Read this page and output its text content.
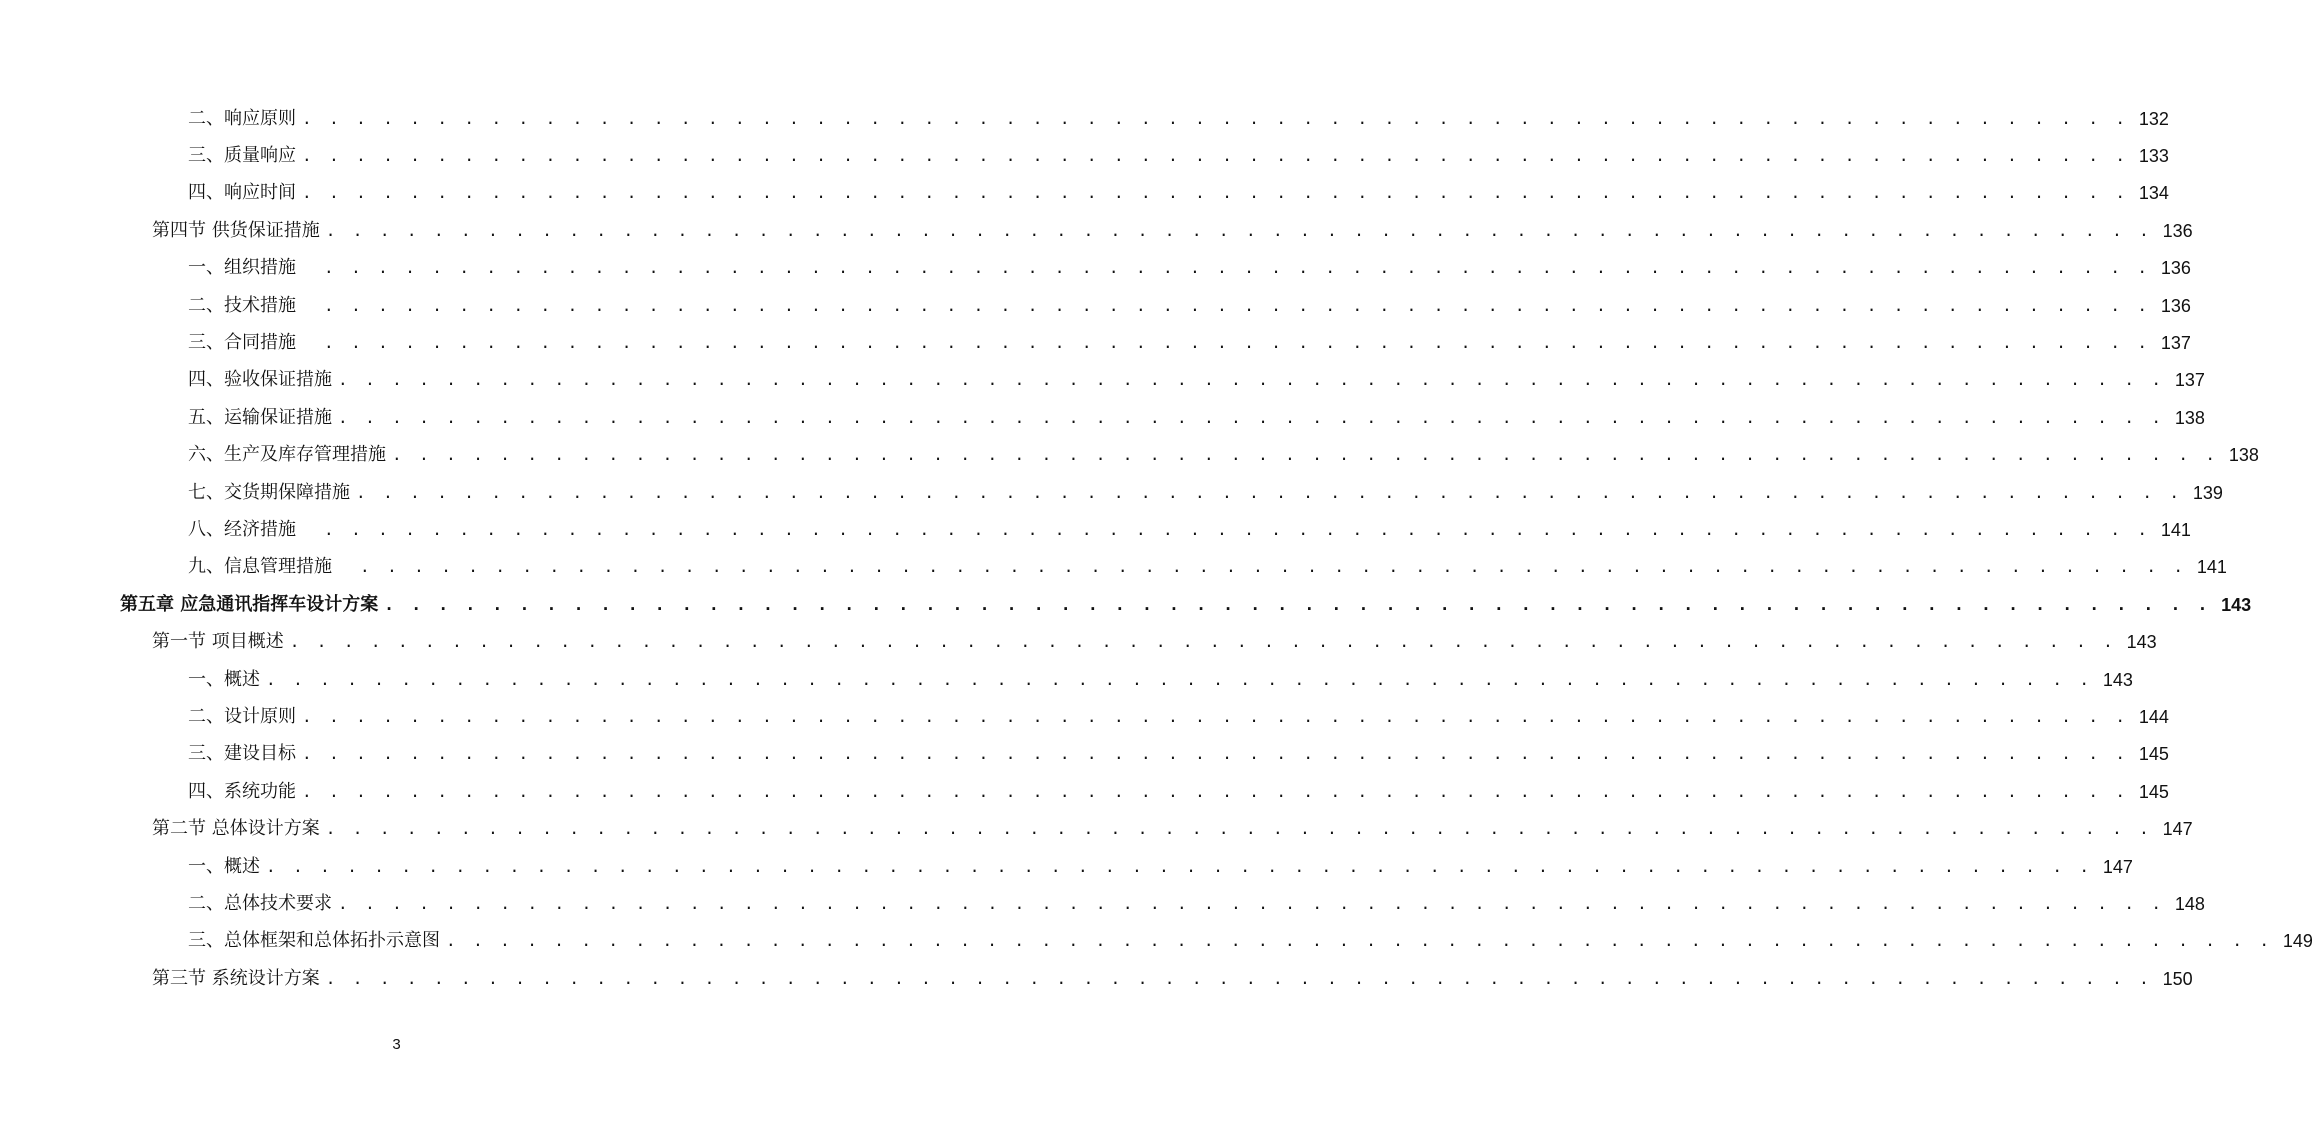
二、响应原则 . . . . . . . . . . . . . . . . . . . . . . . . . . . . . . . . . . . . . . . . . . . . . . . . . . . . . . . . . . . . . . . . . . . . 132
三、质量响应 . . . . . . . . . . . . . . . . . . . . . . . . . . . . . . . . . . . . . . . . . . . . . . . . . . . . . . . . . . . . . . . . . . . . 133
四、响应时间 . . . . . . . . . . . . . . . . . . . . . . . . . . . . . . . . . . . . . . . . . . . . . . . . . . . . . . . . . . . . . . . . . . . . 134
第四节 供货保证措施 . . . . . . . . . . . . . . . . . . . . . . . . . . . . . . . . . . . . . . . . . . . . . . . . . . . . . . . . . . . . . . . . . . . . 136
一、组织措施	. . . . . . . . . . . . . . . . . . . . . . . . . . . . . . . . . . . . . . . . . . . . . . . . . . . . . . . . . . . . . . . . . . . . 136
二、技术措施	. . . . . . . . . . . . . . . . . . . . . . . . . . . . . . . . . . . . . . . . . . . . . . . . . . . . . . . . . . . . . . . . . . . . 136
三、合同措施	. . . . . . . . . . . . . . . . . . . . . . . . . . . . . . . . . . . . . . . . . . . . . . . . . . . . . . . . . . . . . . . . . . . . 137
四、验收保证措施 . . . . . . . . . . . . . . . . . . . . . . . . . . . . . . . . . . . . . . . . . . . . . . . . . . . . . . . . . . . . . . . . . . . . 137
五、运输保证措施 . . . . . . . . . . . . . . . . . . . . . . . . . . . . . . . . . . . . . . . . . . . . . . . . . . . . . . . . . . . . . . . . . . . . 138
六、生产及库存管理措施 . . . . . . . . . . . . . . . . . . . . . . . . . . . . . . . . . . . . . . . . . . . . . . . . . . . . . . . . . . . . . . . . . . . . 138
七、交货期保障措施 . . . . . . . . . . . . . . . . . . . . . . . . . . . . . . . . . . . . . . . . . . . . . . . . . . . . . . . . . . . . . . . . . . . . 139
八、经济措施	. . . . . . . . . . . . . . . . . . . . . . . . . . . . . . . . . . . . . . . . . . . . . . . . . . . . . . . . . . . . . . . . . . . . 141
九、信息管理措施	. . . . . . . . . . . . . . . . . . . . . . . . . . . . . . . . . . . . . . . . . . . . . . . . . . . . . . . . . . . . . . . . . . . . 141
第五章 应急通讯指挥车设计方案 . . . . . . . . . . . . . . . . . . . . . . . . . . . . . . . . . . . . . . . . . . . . . . . . . . . . . . . . . . . . . . . . . . . . 143
第一节 项目概述 . . . . . . . . . . . . . . . . . . . . . . . . . . . . . . . . . . . . . . . . . . . . . . . . . . . . . . . . . . . . . . . . . . . . 143
一、概述 . . . . . . . . . . . . . . . . . . . . . . . . . . . . . . . . . . . . . . . . . . . . . . . . . . . . . . . . . . . . . . . . . . . . 143
二、设计原则 . . . . . . . . . . . . . . . . . . . . . . . . . . . . . . . . . . . . . . . . . . . . . . . . . . . . . . . . . . . . . . . . . . . . 144
三、建设目标 . . . . . . . . . . . . . . . . . . . . . . . . . . . . . . . . . . . . . . . . . . . . . . . . . . . . . . . . . . . . . . . . . . . . 145
四、系统功能 . . . . . . . . . . . . . . . . . . . . . . . . . . . . . . . . . . . . . . . . . . . . . . . . . . . . . . . . . . . . . . . . . . . . 145
第二节 总体设计方案 . . . . . . . . . . . . . . . . . . . . . . . . . . . . . . . . . . . . . . . . . . . . . . . . . . . . . . . . . . . . . . . . . . . . 147
一、概述 . . . . . . . . . . . . . . . . . . . . . . . . . . . . . . . . . . . . . . . . . . . . . . . . . . . . . . . . . . . . . . . . . . . . 147
二、总体技术要求 . . . . . . . . . . . . . . . . . . . . . . . . . . . . . . . . . . . . . . . . . . . . . . . . . . . . . . . . . . . . . . . . . . . . 148
三、总体框架和总体拓扑示意图 . . . . . . . . . . . . . . . . . . . . . . . . . . . . . . . . . . . . . . . . . . . . . . . . . . . . . . . . . . . . . . . . . . . . 149
第三节 系统设计方案 . . . . . . . . . . . . . . . . . . . . . . . . . . . . . . . . . . . . . . . . . . . . . . . . . . . . . . . . . . . . . . . . . . . . 150
3
